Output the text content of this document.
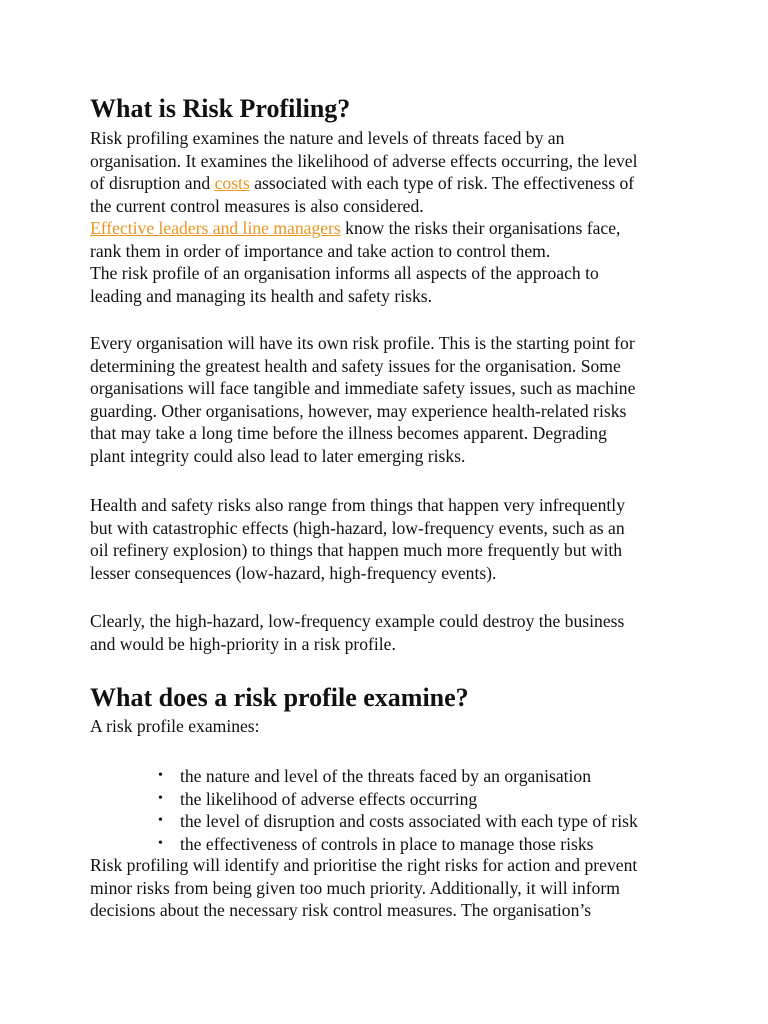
What is Risk Profiling?

Risk profiling examines the nature and levels of threats faced by an
organisation. It examines the likelihood of adverse effects occurring, the level
of disruption and costs associated with each type of risk. The effectiveness of
the current control measures is also considered.
Effective leaders and line managers know the risks their organisations face,
rank them in order of importance and take action to control them.
The risk profile of an organisation informs all aspects of the approach to
leading and managing its health and safety risks.

Every organisation will have its own risk profile. This is the starting point for
determining the greatest health and safety issues for the organisation. Some
organisations will face tangible and immediate safety issues, such as machine
guarding. Other organisations, however, may experience health-related risks
that may take a long time before the illness becomes apparent. Degrading
plant integrity could also lead to later emerging risks.

Health and safety risks also range from things that happen very infrequently
but with catastrophic effects (high-hazard, low-frequency events, such as an
oil refinery explosion) to things that happen much more frequently but with
lesser consequences (low-hazard, high-frequency events).

Clearly, the high-hazard, low-frequency example could destroy the business
and would be high-priority in a risk profile.

What does a risk profile examine?

A risk profile examines:

• the nature and level of the threats faced by an organisation
• the likelihood of adverse effects occurring
• the level of disruption and costs associated with each type of risk
• the effectiveness of controls in place to manage those risks

Risk profiling will identify and prioritise the right risks for action and prevent
minor risks from being given too much priority. Additionally, it will inform
decisions about the necessary risk control measures. The organisation’s
